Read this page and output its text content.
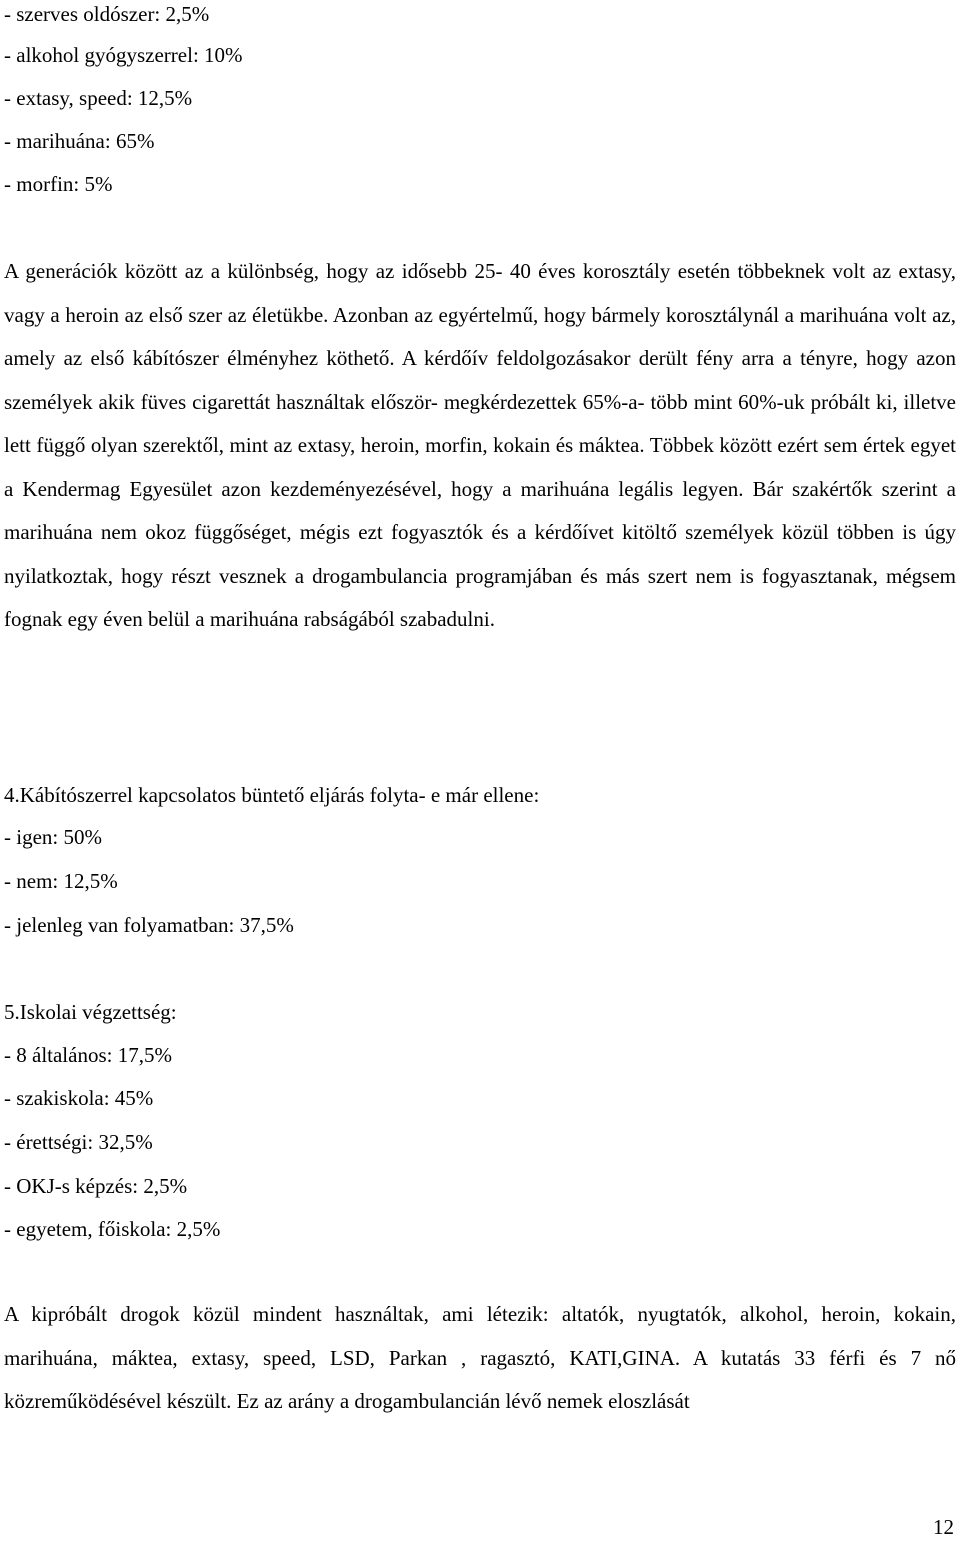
- szerves oldószer: 2,5%

- alkohol gyógyszerrel: 10%

- extasy, speed: 12,5%

- marihuána: 65%

- morfin: 5%

A generációk között az a különbség, hogy az idősebb 25- 40 éves korosztály esetén többeknek volt az extasy, vagy a heroin az első szer az életükbe. Azonban az egyértelmű, hogy bármely korosztálynál a marihuána volt az, amely az első kábítószer élményhez köthető. A kérdőív feldolgozásakor derült fény arra a tényre, hogy azon személyek akik füves cigarettát használtak először- megkérdezettek 65%-a- több mint 60%-uk próbált ki, illetve lett függő olyan szerektől, mint az extasy, heroin, morfin, kokain és máktea. Többek között ezért sem értek egyet a Kendermag Egyesület azon kezdeményezésével, hogy a marihuána legális legyen. Bár szakértők szerint a marihuána nem okoz függőséget, mégis ezt fogyasztók és a kérdőívet kitöltő személyek közül többen is úgy nyilatkoztak, hogy részt vesznek a drogambulancia programjában és más szert nem is fogyasztanak, mégsem fognak egy éven belül a marihuána rabságából szabadulni.

4.Kábítószerrel kapcsolatos büntető eljárás folyta- e már ellene:

- igen: 50%

- nem: 12,5%

- jelenleg van folyamatban: 37,5%

5.Iskolai végzettség:

- 8 általános: 17,5%

- szakiskola: 45%

- érettségi: 32,5%

- OKJ-s képzés: 2,5%

- egyetem, főiskola: 2,5%

A kipróbált drogok közül mindent használtak, ami létezik: altatók, nyugtatók, alkohol, heroin, kokain, marihuána, máktea, extasy, speed, LSD, Parkan , ragasztó, KATI,GINA. A kutatás 33 férfi és 7 nő közreműködésével készült. Ez az arány a drogambulancián lévő nemek eloszlását

12
